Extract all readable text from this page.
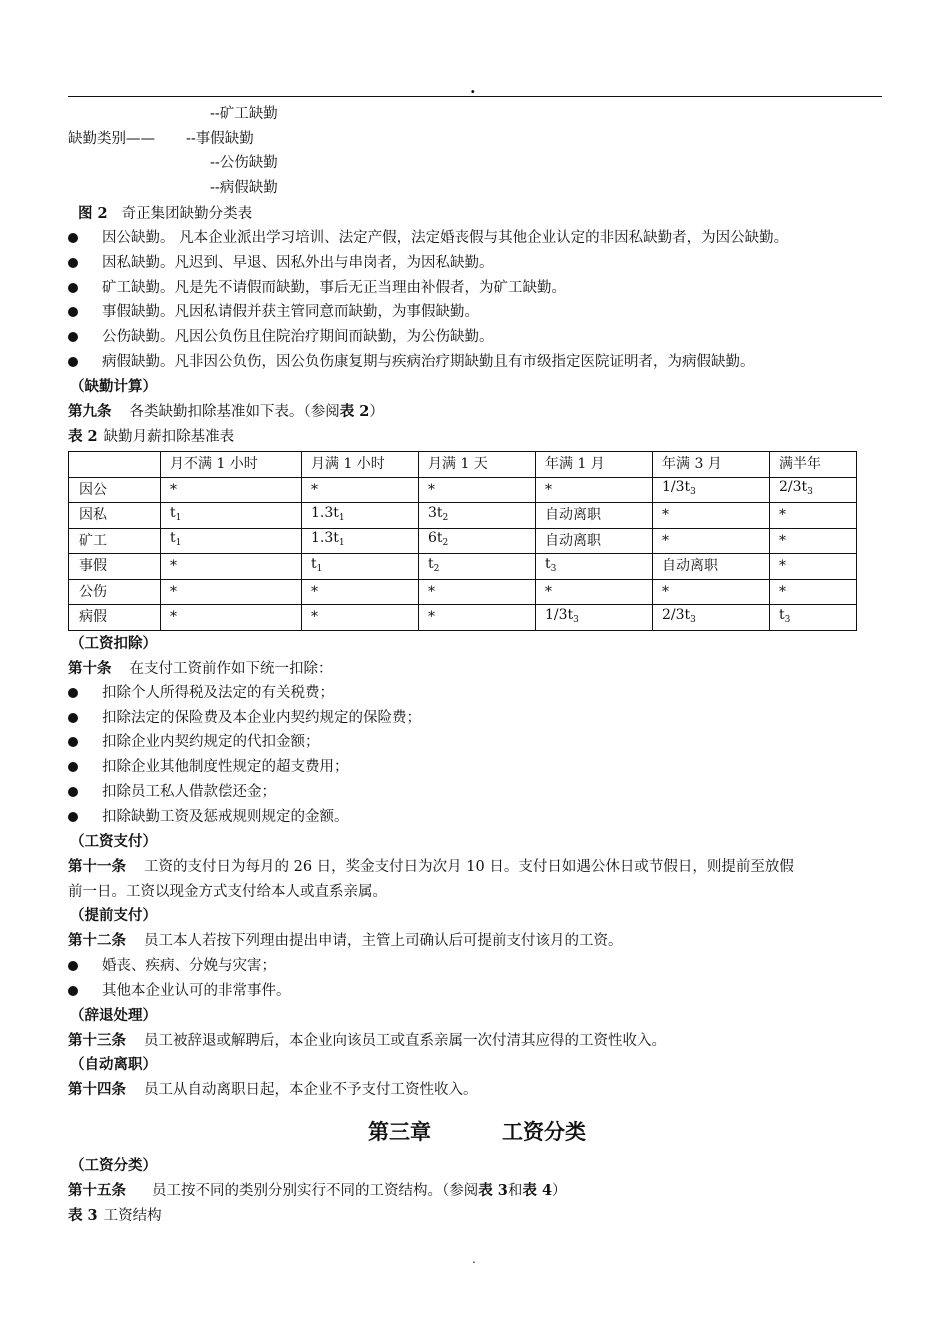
.
--矿工缺勤
缺勤类别—— --事假缺勤
--公伤缺勤
--病假缺勤
图 2 奇正集团缺勤分类表
因公缺勤。 凡本企业派出学习培训、法定产假，法定婚丧假与其他企业认定的非因私缺勤者，为因公缺勤。
因私缺勤。凡迟到、早退、因私外出与串岗者，为因私缺勤。
矿工缺勤。凡是先不请假而缺勤，事后无正当理由补假者，为矿工缺勤。
事假缺勤。凡因私请假并获主管同意而缺勤，为事假缺勤。
公伤缺勤。凡因公负伤且住院治疗期间而缺勤，为公伤缺勤。
病假缺勤。凡非因公负伤，因公负伤康复期与疾病治疗期缺勤且有市级指定医院证明者，为病假缺勤。
（缺勤计算）
第九条 各类缺勤扣除基准如下表。（参阅表 2）
表 2 缺勤月薪扣除基准表
	月不满 1 小时	月满 1 小时	月满 1 天	年满 1 月	年满 3 月	满半年
因公	*	*	*	*	$1/3t_3$	$2/3t_3$
因私	$t_1$	$1.3t_1$	$3t_2$	自动离职	*	*
矿工	$t_1$	$1.3t_1$	$6t_2$	自动离职	*	*
事假	*	$t_1$	$t_2$	$t_3$	自动离职	*
公伤	*	*	*	*	*	*
病假	*	*	*	$1/3t_3$	$2/3t_3$	$t_3$
（工资扣除）
第十条 在支付工资前作如下统一扣除：
扣除个人所得税及法定的有关税费；
扣除法定的保险费及本企业内契约规定的保险费；
扣除企业内契约规定的代扣金额；
扣除企业其他制度性规定的超支费用；
扣除员工私人借款偿还金；
扣除缺勤工资及惩戒规则规定的金额。
（工资支付）
第十一条 工资的支付日为每月的 26 日，奖金支付日为次月 10 日。支付日如遇公休日或节假日，则提前至放假
前一日。工资以现金方式支付给本人或直系亲属。
（提前支付）
第十二条 员工本人若按下列理由提出申请，主管上司确认后可提前支付该月的工资。
婚丧、疾病、分娩与灾害；
其他本企业认可的非常事件。
（辞退处理）
第十三条 员工被辞退或解聘后，本企业向该员工或直系亲属一次付清其应得的工资性收入。
（自动离职）
第十四条 员工从自动离职日起，本企业不予支付工资性收入。
第三章	工资分类
（工资分类）
第十五条 员工按不同的类别分别实行不同的工资结构。（参阅表 3和表 4）
表 3 工资结构
.
